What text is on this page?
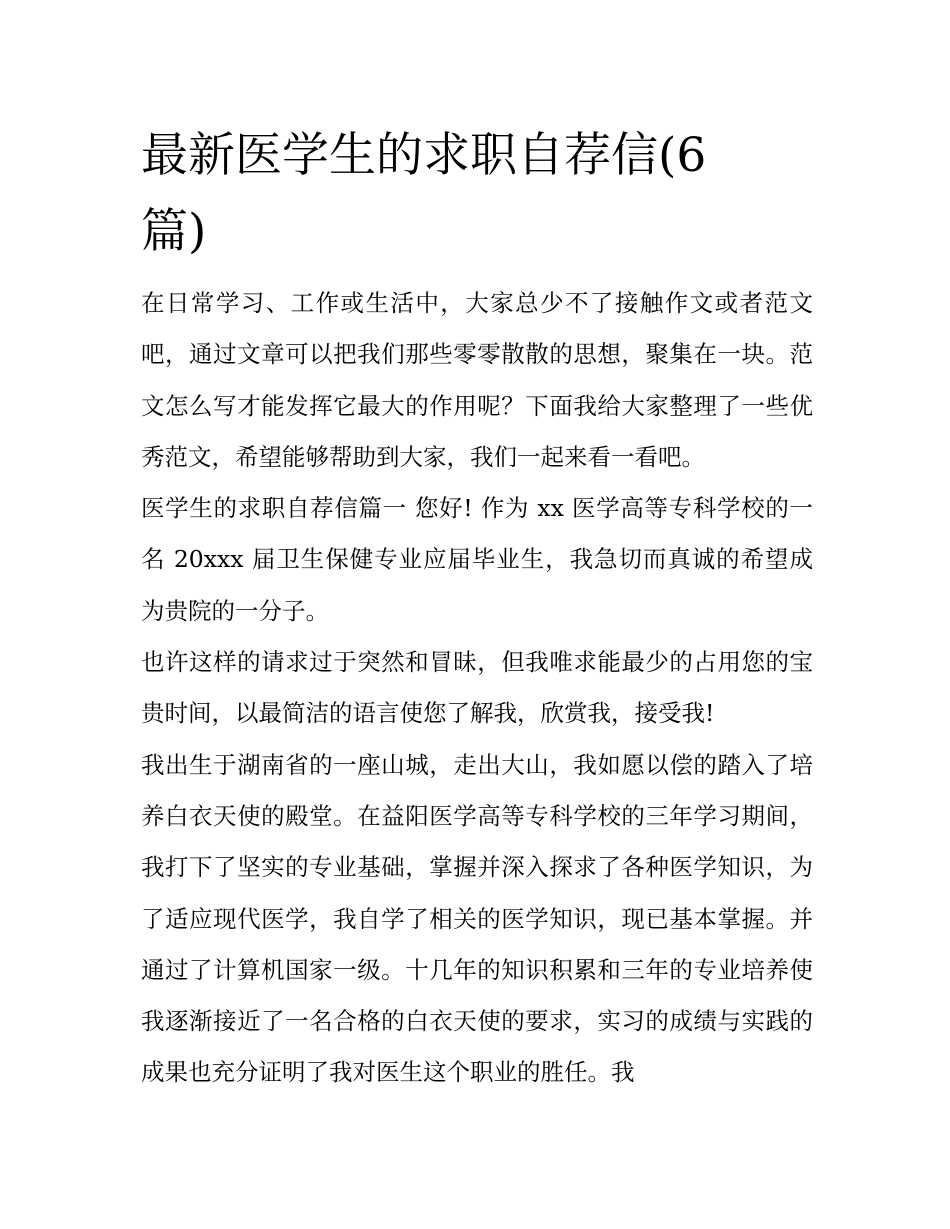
最新医学生的求职自荐信(6篇)

在日常学习、工作或生活中，大家总少不了接触作文或者范文吧，通过文章可以把我们那些零零散散的思想，聚集在一块。范文怎么写才能发挥它最大的作用呢？下面我给大家整理了一些优秀范文，希望能够帮助到大家，我们一起来看一看吧。

医学生的求职自荐信篇一 您好! 作为 xx 医学高等专科学校的一名 20xxx 届卫生保健专业应届毕业生，我急切而真诚的希望成为贵院的一分子。

也许这样的请求过于突然和冒昧，但我唯求能最少的占用您的宝贵时间，以最简洁的语言使您了解我，欣赏我，接受我!

我出生于湖南省的一座山城，走出大山，我如愿以偿的踏入了培养白衣天使的殿堂。在益阳医学高等专科学校的三年学习期间，我打下了坚实的专业基础，掌握并深入探求了各种医学知识，为了适应现代医学，我自学了相关的医学知识，现已基本掌握。并通过了计算机国家一级。十几年的知识积累和三年的专业培养使我逐渐接近了一名合格的白衣天使的要求，实习的成绩与实践的成果也充分证明了我对医生这个职业的胜任。我
